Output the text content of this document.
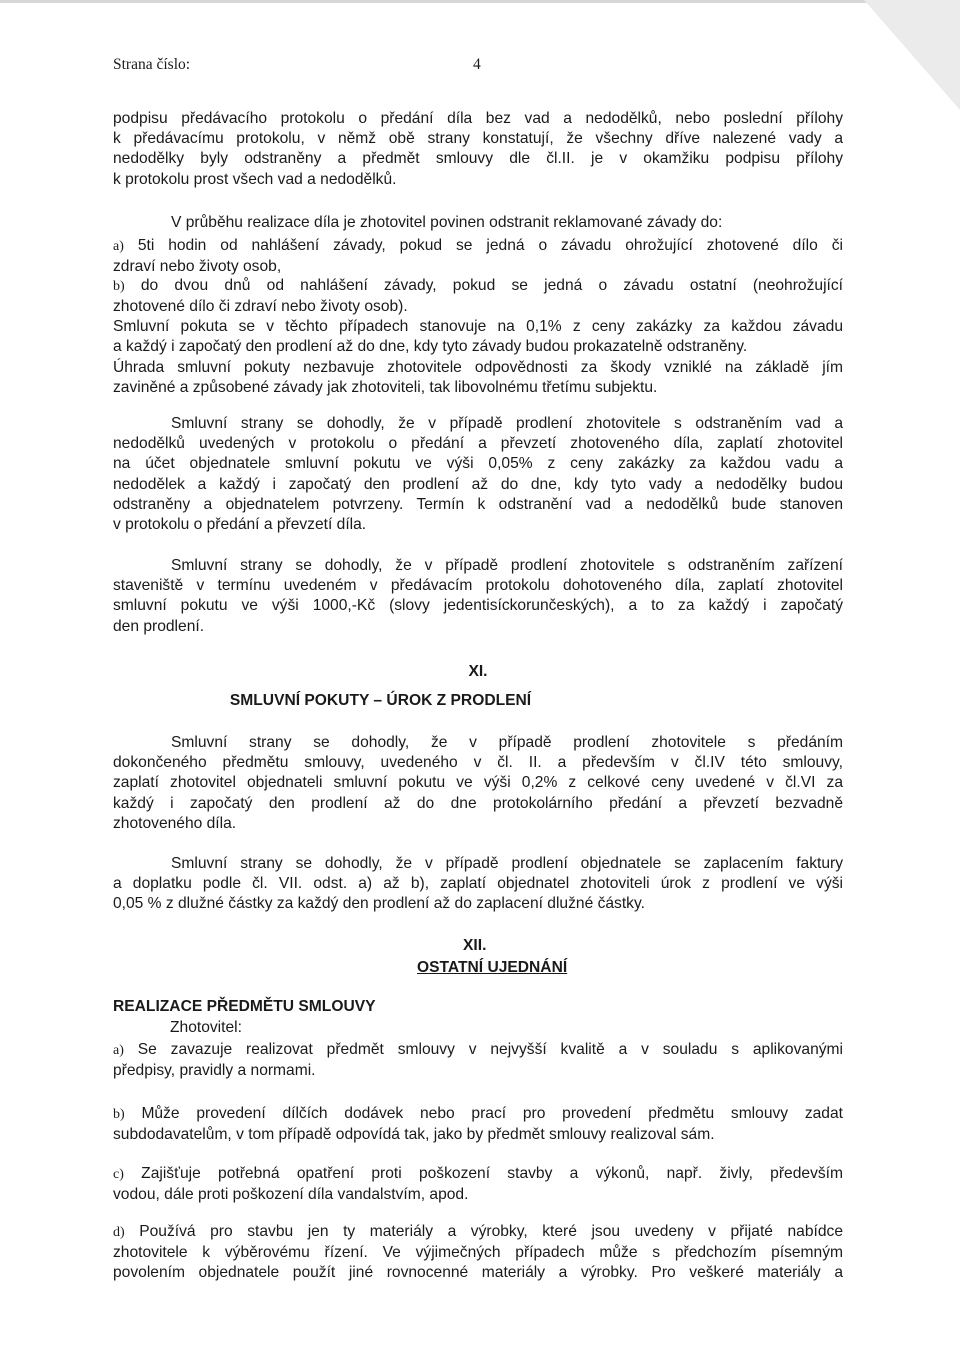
Strana číslo:	4
podpisu předávacího protokolu o předání díla bez vad a nedodělků, nebo poslední přílohy
k předávacímu protokolu, v němž obě strany konstatují, že všechny dříve nalezené vady a
nedodělky byly odstraněny a předmět smlouvy dle čl.II. je v okamžiku podpisu přílohy
k protokolu prost všech vad a nedodělků.
V průběhu realizace díla je zhotovitel povinen odstranit reklamované závady do:
a) 5ti hodin od nahlášení závady, pokud se jedná o závadu ohrožující zhotovené dílo či
zdraví nebo životy osob,
b) do dvou dnů od nahlášení závady, pokud se jedná o závadu ostatní (neohrožující
zhotovené dílo či zdraví nebo životy osob).
Smluvní pokuta se v těchto případech stanovuje na 0,1% z ceny zakázky za každou závadu
a každý i započatý den prodlení až do dne, kdy tyto závady budou prokazatelně odstraněny.
Úhrada smluvní pokuty nezbavuje zhotovitele odpovědnosti za škody vzniklé na základě jím
zaviněné a způsobené závady jak zhotoviteli, tak libovolnému třetímu subjektu.
Smluvní strany se dohodly, že v případě prodlení zhotovitele s odstraněním vad a
nedodělků uvedených v protokolu o předání a převzetí zhotoveného díla, zaplatí zhotovitel
na účet objednatele smluvní pokutu ve výši 0,05% z ceny zakázky za každou vadu a
nedodělek a každý i započatý den prodlení až do dne, kdy tyto vady a nedodělky budou
odstraněny a objednatelem potvrzeny. Termín k odstranění vad a nedodělků bude stanoven
v protokolu o předání a převzetí díla.
Smluvní strany se dohodly, že v případě prodlení zhotovitele s odstraněním zařízení
staveniště v termínu uvedeném v předávacím protokolu dohotoveného díla, zaplatí zhotovitel
smluvní pokutu ve výši 1000,-Kč (slovy jedentisíckorunčeských), a to za každý i započatý
den prodlení.
XI.
SMLUVNÍ POKUTY – ÚROK Z PRODLENÍ
Smluvní strany se dohodly, že v případě prodlení zhotovitele s předáním
dokončeného předmětu smlouvy, uvedeného v čl. II. a především v čl.IV této smlouvy,
zaplatí zhotovitel objednateli smluvní pokutu ve výši 0,2% z celkové ceny uvedené v čl.VI za
každý i započatý den prodlení až do dne protokolárního předání a převzetí bezvadně
zhotoveného díla.
Smluvní strany se dohodly, že v případě prodlení objednatele se zaplacením faktury
a doplatku podle čl. VII. odst. a) až b), zaplatí objednatel zhotoviteli úrok z prodlení ve výši
0,05 % z dlužné částky za každý den prodlení až do zaplacení dlužné částky.
XII.
OSTATNÍ UJEDNÁNÍ
REALIZACE PŘEDMĚTU SMLOUVY
Zhotovitel:
a) Se zavazuje realizovat předmět smlouvy v nejvyšší kvalitě a v souladu s aplikovanými
předpisy, pravidly a normami.
b) Může provedení dílčích dodávek nebo prací pro provedení předmětu smlouvy zadat
subdodavatelům, v tom případě odpovídá tak, jako by předmět smlouvy realizoval sám.
c) Zajišťuje potřebná opatření proti poškození stavby a výkonů, např. živly, především
vodou, dále proti poškození díla vandalstvím, apod.
d) Používá pro stavbu jen ty materiály a výrobky, které jsou uvedeny v přijaté nabídce
zhotovitele k výběrovému řízení. Ve výjimečných případech může s předchozím písemným
povolením objednatele použít jiné rovnocenné materiály a výrobky. Pro veškeré materiály a
